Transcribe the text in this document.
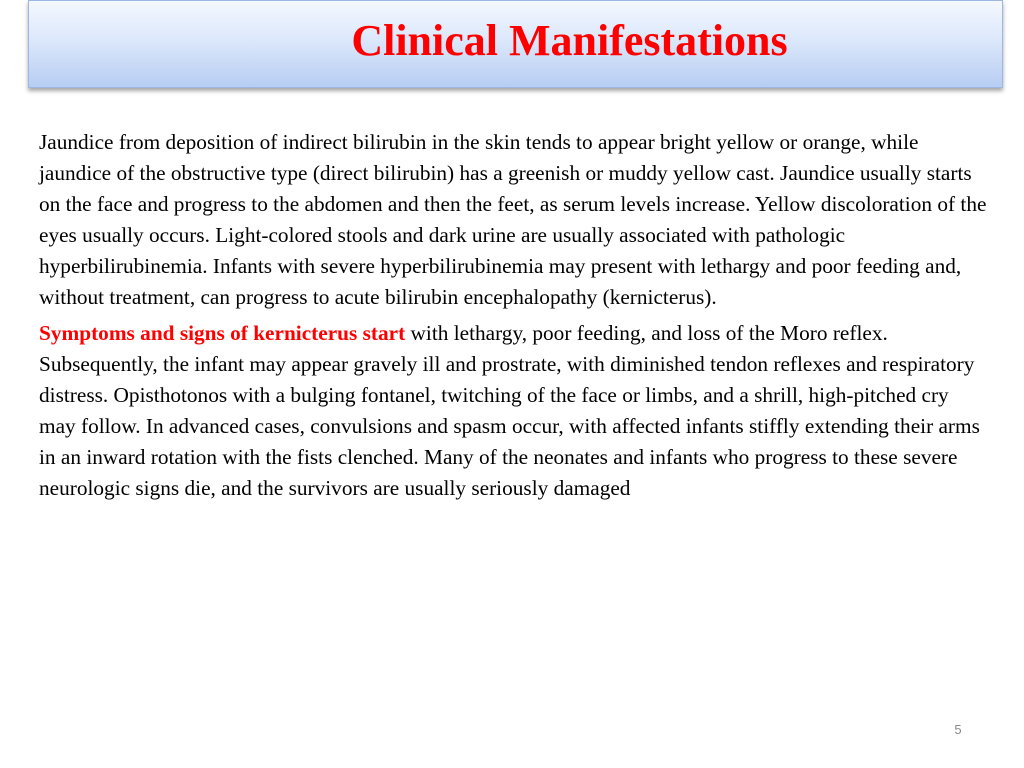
Clinical Manifestations

Jaundice from deposition of indirect bilirubin in the skin tends to appear bright yellow or orange, while jaundice of the obstructive type (direct bilirubin) has a greenish or muddy yellow cast. Jaundice usually starts on the face and progress to the abdomen and then the feet, as serum levels increase. Yellow discoloration of the eyes usually occurs. Light-colored stools and dark urine are usually associated with pathologic hyperbilirubinemia. Infants with severe hyperbilirubinemia may present with lethargy and poor feeding and, without treatment, can progress to acute bilirubin encephalopathy (kernicterus).

Symptoms and signs of kernicterus start with lethargy, poor feeding, and loss of the Moro reflex. Subsequently, the infant may appear gravely ill and prostrate, with diminished tendon reflexes and respiratory distress. Opisthotonos with a bulging fontanel, twitching of the face or limbs, and a shrill, high-pitched cry may follow. In advanced cases, convulsions and spasm occur, with affected infants stiffly extending their arms in an inward rotation with the fists clenched. Many of the neonates and infants who progress to these severe neurologic signs die, and the survivors are usually seriously damaged

5
